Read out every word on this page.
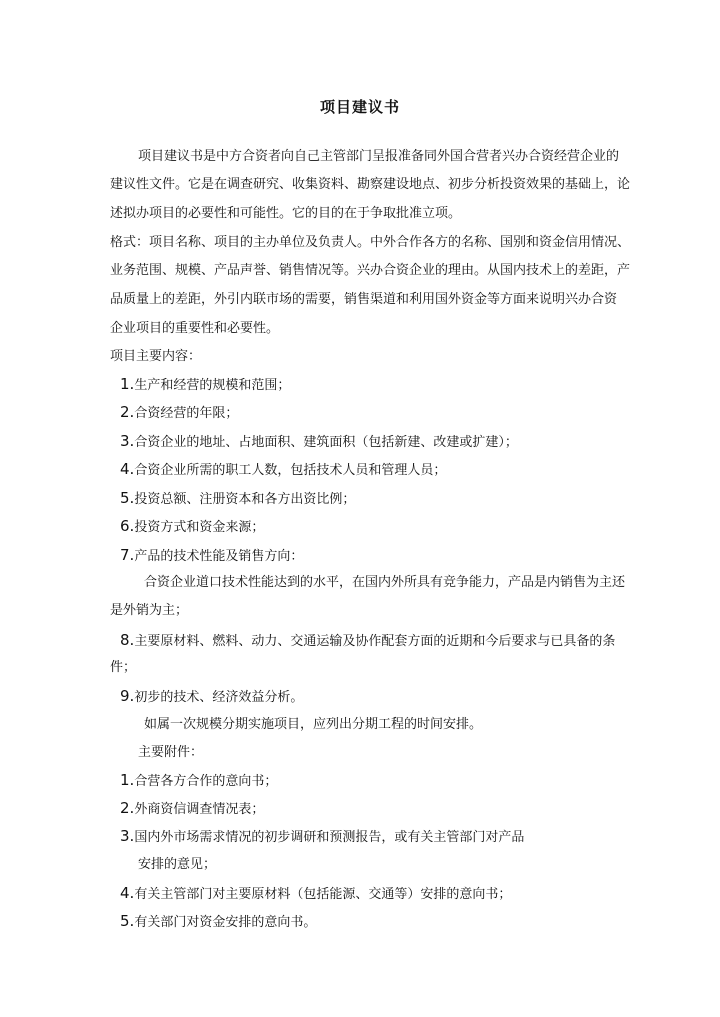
项目建议书
项目建议书是中方合资者向自己主管部门呈报准备同外国合营者兴办合资经营企业的
建议性文件。它是在调查研究、收集资料、勘察建设地点、初步分析投资效果的基础上，论
述拟办项目的必要性和可能性。它的目的在于争取批准立项。
格式：项目名称、项目的主办单位及负责人。中外合作各方的名称、国别和资金信用情况、
业务范围、规模、产品声誉、销售情况等。兴办合资企业的理由。从国内技术上的差距，产
品质量上的差距，外引内联市场的需要，销售渠道和利用国外资金等方面来说明兴办合资
企业项目的重要性和必要性。
项目主要内容：
1.生产和经营的规模和范围；
2.合资经营的年限；
3.合资企业的地址、占地面积、建筑面积（包括新建、改建或扩建）；
4.合资企业所需的职工人数，包括技术人员和管理人员；
5.投资总额、注册资本和各方出资比例；
6.投资方式和资金来源；
7.产品的技术性能及销售方向：
合资企业道口技术性能达到的水平，在国内外所具有竞争能力，产品是内销售为主还
是外销为主；
8.主要原材料、燃料、动力、交通运输及协作配套方面的近期和今后要求与已具备的条
件；
9.初步的技术、经济效益分析。
如属一次规模分期实施项目，应列出分期工程的时间安排。
主要附件：
1.合营各方合作的意向书；
2.外商资信调查情况表；
3.国内外市场需求情况的初步调研和预测报告，或有关主管部门对产品
安排的意见；
4.有关主管部门对主要原材料（包括能源、交通等）安排的意向书；
5.有关部门对资金安排的意向书。
